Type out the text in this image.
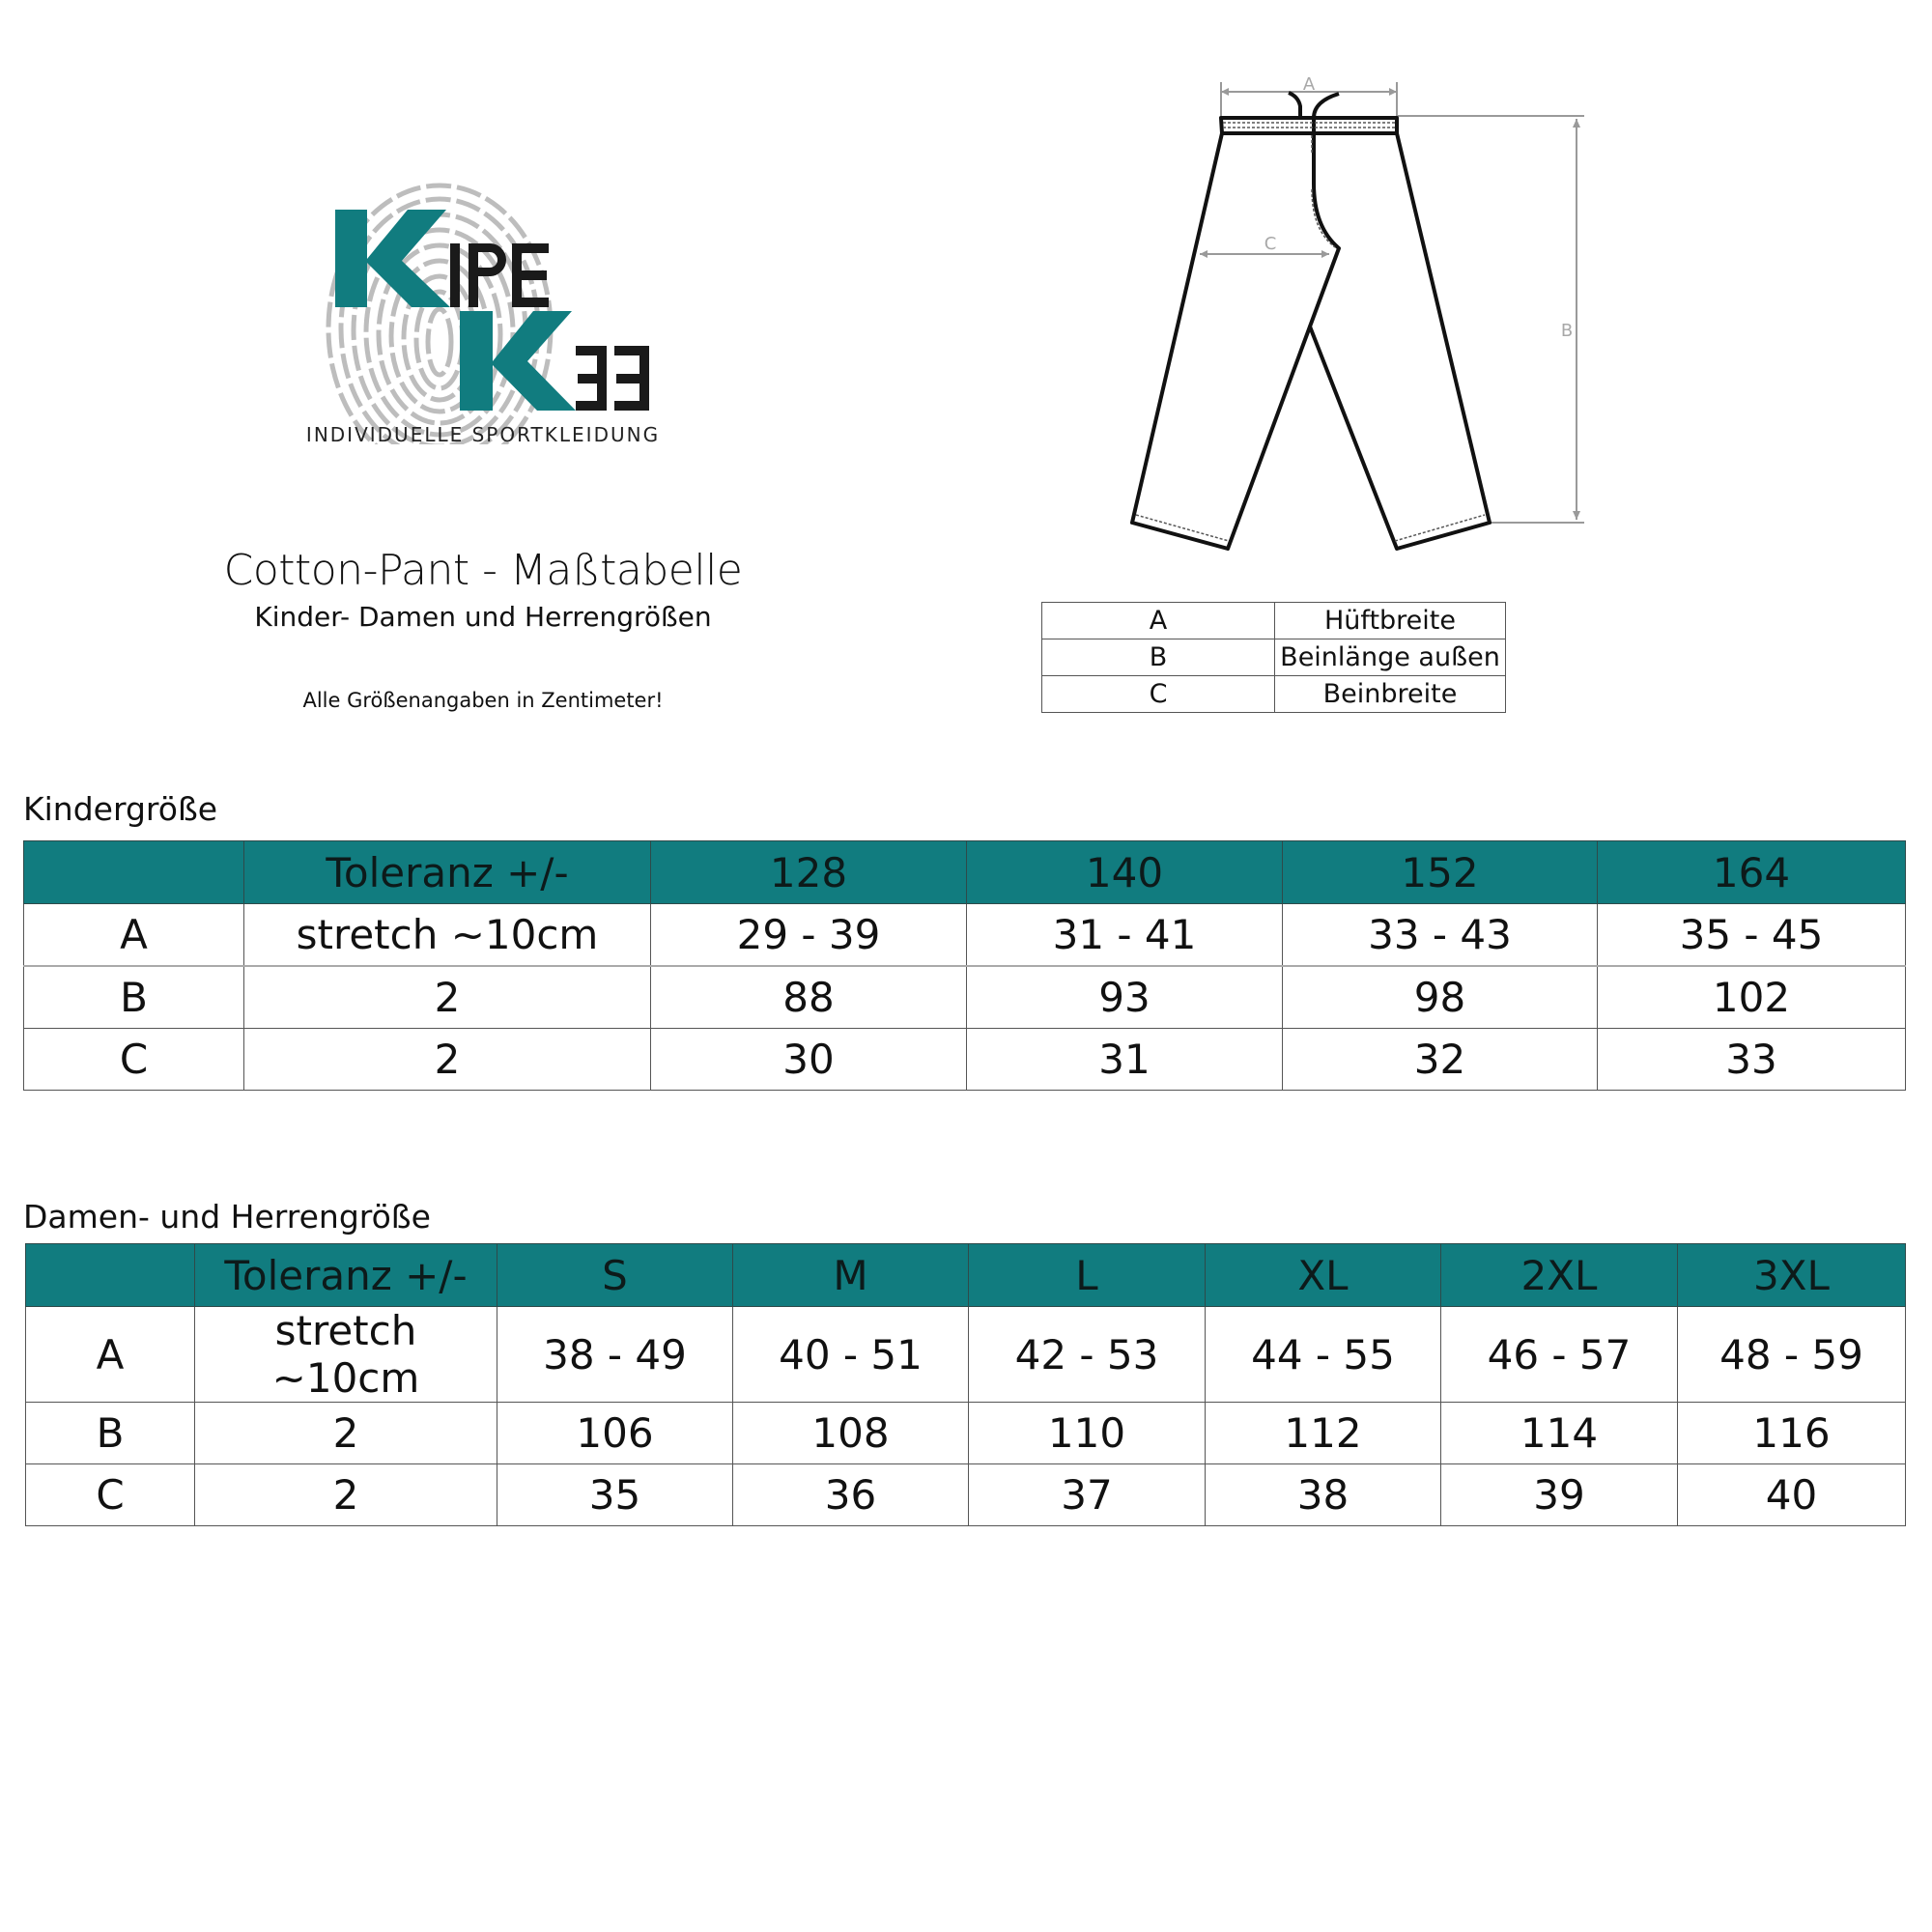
INDIVIDUELLE SPORTKLEIDUNG
Cotton-Pant - Maßtabelle
Kinder- Damen und Herrengrößen
Alle Größenangaben in Zentimeter!
A
B
C
A	Hüftbreite
B	Beinlänge außen
C	Beinbreite
Kindergröße
	Toleranz +/-	128	140	152	164
A	stretch ~10cm	29 - 39	31 - 41	33 - 43	35 - 45
B	2	88	93	98	102
C	2	30	31	32	33
Damen- und Herrengröße
	Toleranz +/-	S	M	L	XL	2XL	3XL
A	stretch ~10cm	38 - 49	40 - 51	42 - 53	44 - 55	46 - 57	48 - 59
B	2	106	108	110	112	114	116
C	2	35	36	37	38	39	40
